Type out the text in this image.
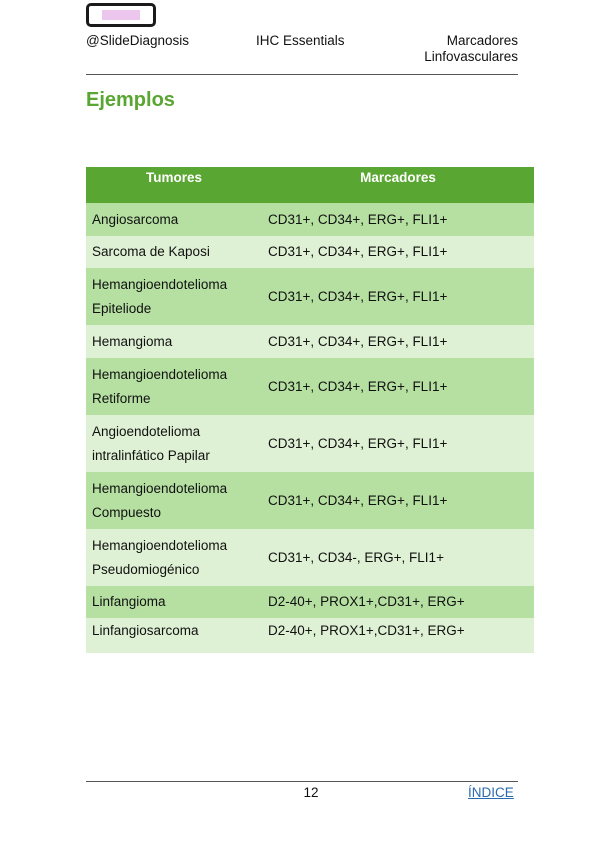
@SlideDiagnosis	IHC Essentials	Marcadores
Linfovasculares
Ejemplos
Tumores	Marcadores
Angiosarcoma	CD31+, CD34+, ERG+, FLI1+
Sarcoma de Kaposi	CD31+, CD34+, ERG+, FLI1+

Hemangioendotelioma
Epiteliode	CD31+, CD34+, ERG+, FLI1+
Hemangioma	CD31+, CD34+, ERG+, FLI1+

Hemangioendotelioma
Retiforme	CD31+, CD34+, ERG+, FLI1+

Angioendotelioma
intralinfático Papilar	CD31+, CD34+, ERG+, FLI1+

Hemangioendotelioma
Compuesto	CD31+, CD34+, ERG+, FLI1+

Hemangioendotelioma
Pseudomiogénico	CD31+, CD34-, ERG+, FLI1+
Linfangioma	D2-40+, PROX1+,CD31+, ERG+
Linfangiosarcoma	D2-40+, PROX1+,CD31+, ERG+
12	ÍNDICE
